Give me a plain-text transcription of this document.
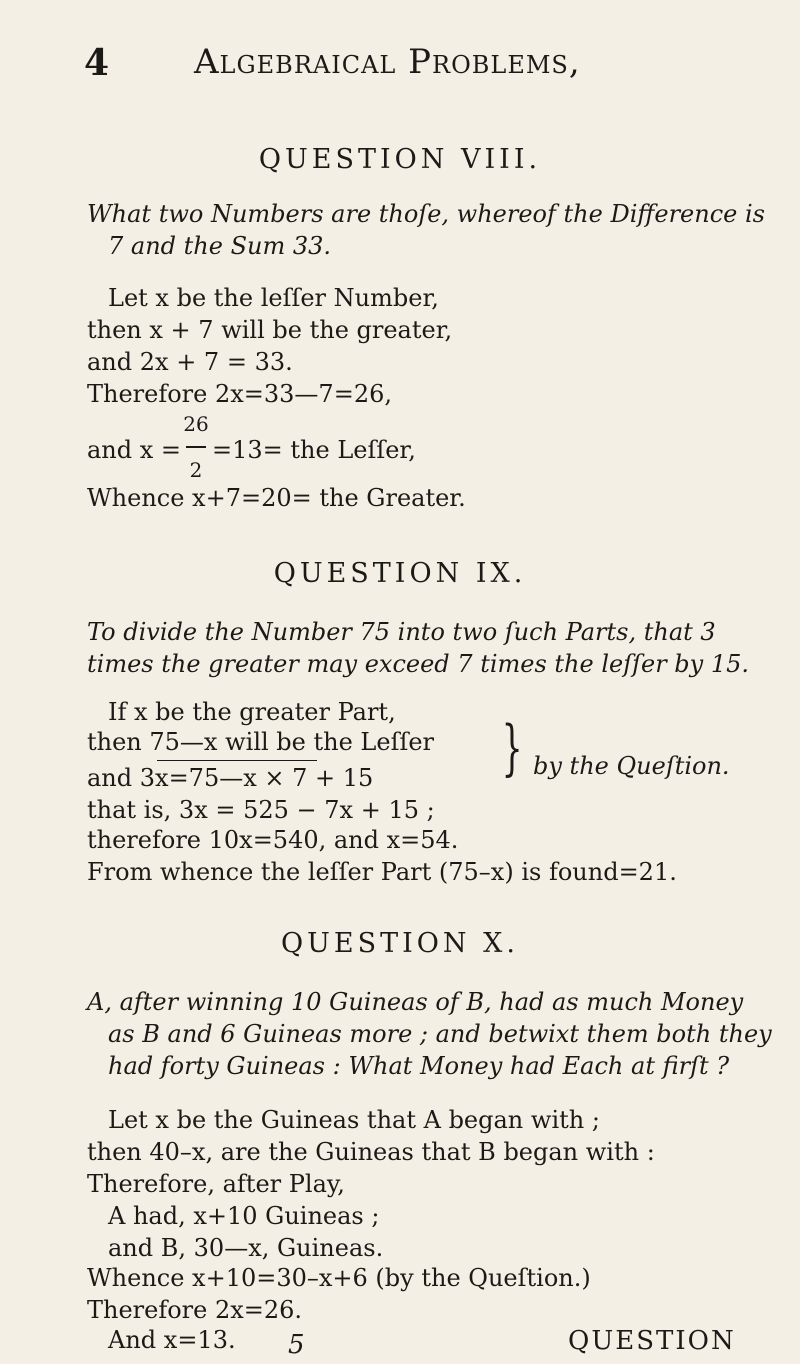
4 Algebraical Problems,
QUESTION VIII.
What two Numbers are thoſe, whereof the Difference is
7 and the Sum 33.
Let x be the leſſer Number,
then x + 7 will be the greater,
and 2x + 7 = 33.
Therefore 2x=33—7=26,
and x =
26
2
=13= the Leſſer,
Whence x+7=20= the Greater.
QUESTION IX.
To divide the Number 75 into two ſuch Parts, that 3
times the greater may exceed 7 times the leſſer by 15.
If x be the greater Part,
then 75—x will be the Leſſer
and 3x=75—x × 7 + 15 } by the Queſtion.
that is, 3x = 525 − 7x + 15 ;
therefore 10x=540, and x=54.
From whence the leſſer Part (75–x) is found=21.
QUESTION X.
A, after winning 10 Guineas of B, had as much Money
as B and 6 Guineas more ; and betwixt them both they
had forty Guineas : What Money had Each at firſt ?
Let x be the Guineas that A began with ;
then 40–x, are the Guineas that B began with :
Therefore, after Play,
A had, x+10 Guineas ;
and B, 30—x, Guineas.
Whence x+10=30–x+6 (by the Queſtion.)
Therefore 2x=26.
And x=13. 5	QUESTION
